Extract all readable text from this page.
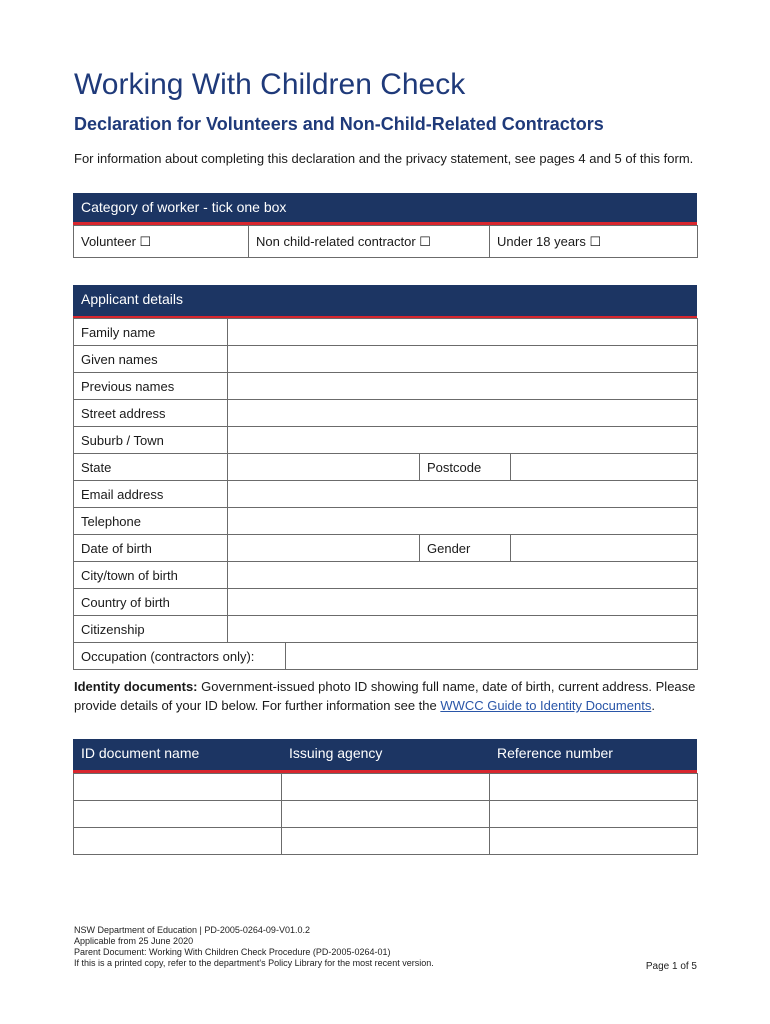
Working With Children Check
Declaration for Volunteers and Non-Child-Related Contractors
For information about completing this declaration and the privacy statement, see pages 4 and 5 of this form.
Category of worker - tick one box
Volunteer ☐	Non child-related contractor ☐	Under 18 years ☐
Applicant details
Family name				
Given names				
Previous names				
Street address				
Suburb / Town				
State			Postcode	
Email address				
Telephone				
Date of birth			Gender	
City/town of birth				
Country of birth				
Citizenship				
Occupation (contractors only):				
Identity documents: Government-issued photo ID showing full name, date of birth, current address. Please provide details of your ID below. For further information see the WWCC Guide to Identity Documents.
ID document name	Issuing agency	Reference number

NSW Department of Education | PD-2005-0264-09-V01.0.2
Applicable from 25 June 2020
Parent Document: Working With Children Check Procedure (PD-2005-0264-01)
If this is a printed copy, refer to the department's Policy Library for the most recent version.	Page 1 of 5
